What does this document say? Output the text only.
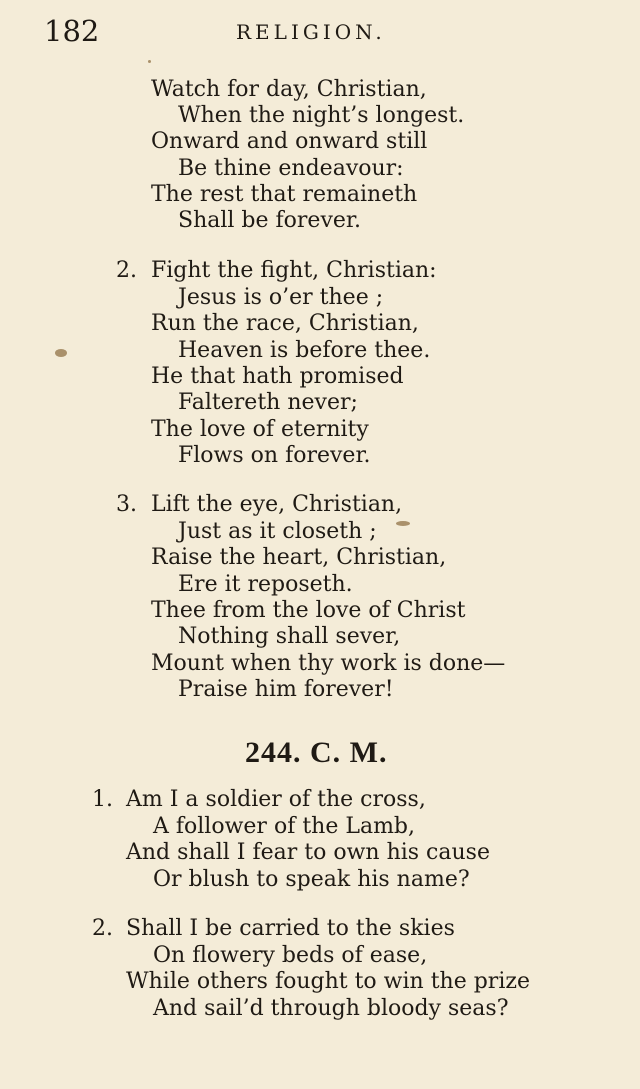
182	RELIGION.
Watch for day, Christian,
When the night’s longest.
Onward and onward still
Be thine endeavour:
The rest that remaineth
Shall be forever.
2. Fight the fight, Christian:
Jesus is o’er thee ;
Run the race, Christian,
Heaven is before thee.
He that hath promised
Faltereth never;
The love of eternity
Flows on forever.
3. Lift the eye, Christian,
Just as it closeth ;
Raise the heart, Christian,
Ere it reposeth.
Thee from the love of Christ
Nothing shall sever,
Mount when thy work is done—
Praise him forever!
244. C. M.
1. Am I a soldier of the cross,
A follower of the Lamb,
And shall I fear to own his cause
Or blush to speak his name?
2. Shall I be carried to the skies
On flowery beds of ease,
While others fought to win the prize
And sail’d through bloody seas?
